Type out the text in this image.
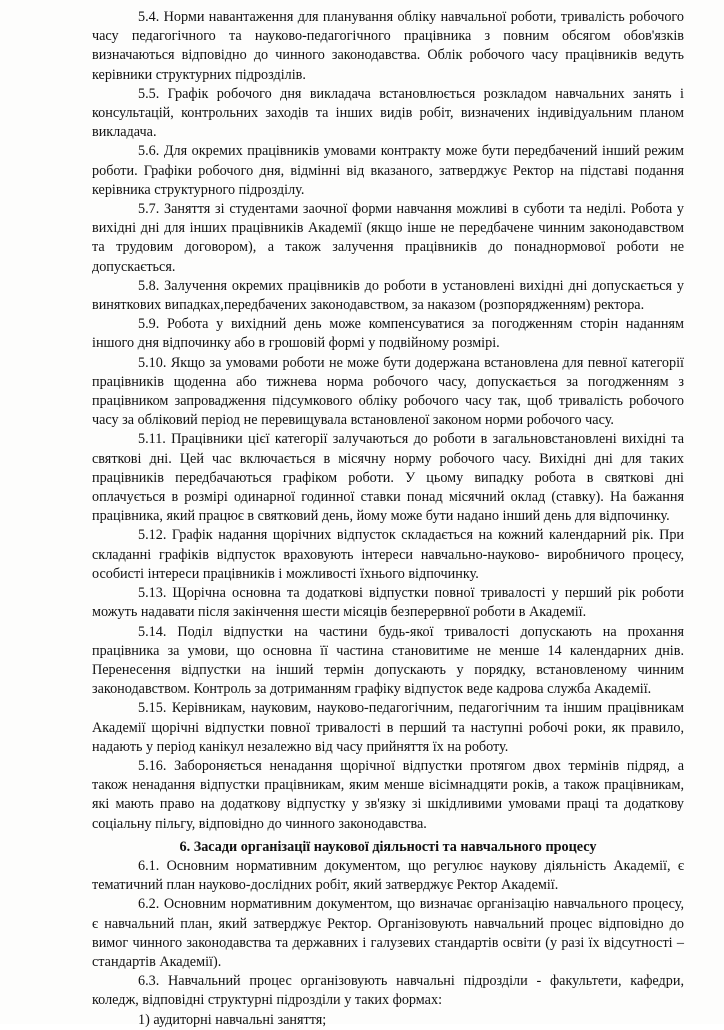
5.4. Норми навантаження для планування обліку навчальної роботи, тривалість робочого часу педагогічного та науково-педагогічного працівника з повним обсягом обов'язків визначаються відповідно до чинного законодавства. Облік робочого часу працівників ведуть керівники структурних підрозділів.

5.5. Графік робочого дня викладача встановлюється розкладом навчальних занять і консультацій, контрольних заходів та інших видів робіт, визначених індивідуальним планом викладача.

5.6. Для окремих працівників умовами контракту може бути передбачений інший режим роботи. Графіки робочого дня, відмінні від вказаного, затверджує Ректор на підставі подання керівника структурного підрозділу.

5.7. Заняття зі студентами заочної форми навчання можливі в суботи та неділі. Робота у вихідні дні для інших працівників Академії (якщо інше не передбачене чинним законодавством та трудовим договором), а також залучення працівників до понаднормової роботи не допускається.

5.8. Залучення окремих працівників до роботи в установлені вихідні дні допускається у виняткових випадках,передбачених законодавством, за наказом (розпорядженням) ректора.

5.9. Робота у вихідний день може компенсуватися за погодженням сторін наданням іншого дня відпочинку або в грошовій формі у подвійному розмірі.

5.10. Якщо за умовами роботи не може бути додержана встановлена для певної категорії працівників щоденна або тижнева норма робочого часу, допускається за погодженням з працівником запровадження підсумкового обліку робочого часу так, щоб тривалість робочого часу за обліковий період не перевищувала встановленої законом норми робочого часу.

5.11. Працівники цієї категорії залучаються до роботи в загальновстановлені вихідні та святкові дні. Цей час включається в місячну норму робочого часу. Вихідні дні для таких працівників передбачаються графіком роботи. У цьому випадку робота в святкові дні оплачується в розмірі одинарної годинної ставки понад місячний оклад (ставку). На бажання працівника, який працює в святковий день, йому може бути надано інший день для відпочинку.

5.12. Графік надання щорічних відпусток складається на кожний календарний рік. При складанні графіків відпусток враховують інтереси навчально-науково- виробничого процесу, особисті інтереси працівників і можливості їхнього відпочинку.

5.13. Щорічна основна та додаткові відпустки повної тривалості у перший рік роботи можуть надавати після закінчення шести місяців безперервної роботи в Академії.

5.14. Поділ відпустки на частини будь-якої тривалості допускають на прохання працівника за умови, що основна її частина становитиме не менше 14 календарних днів. Перенесення відпустки на інший термін допускають у порядку, встановленому чинним законодавством. Контроль за дотриманням графіку відпусток веде кадрова служба Академії.

5.15. Керівникам, науковим, науково-педагогічним, педагогічним та іншим працівникам Академії щорічні відпустки повної тривалості в перший та наступні робочі роки, як правило, надають у період канікул незалежно від часу прийняття їх на роботу.

5.16. Забороняється ненадання щорічної відпустки протягом двох термінів підряд, а також ненадання відпустки працівникам, яким менше вісімнадцяти років, а також працівникам, які мають право на додаткову відпустку у зв'язку зі шкідливими умовами праці та додаткову соціальну пільгу, відповідно до чинного законодавства.

6. Засади організації наукової діяльності та навчального процесу

6.1. Основним нормативним документом, що регулює наукову діяльність Академії, є тематичний план науково-дослідних робіт, який затверджує Ректор Академії.

6.2. Основним нормативним документом, що визначає організацію навчального процесу, є навчальний план, який затверджує Ректор. Організовують навчальний процес відповідно до вимог чинного законодавства та державних і галузевих стандартів освіти (у разі їх відсутності – стандартів Академії).

6.3. Навчальний процес організовують навчальні підрозділи - факультети, кафедри, коледж, відповідні структурні підрозділи у таких формах:

1) аудиторні навчальні заняття;
